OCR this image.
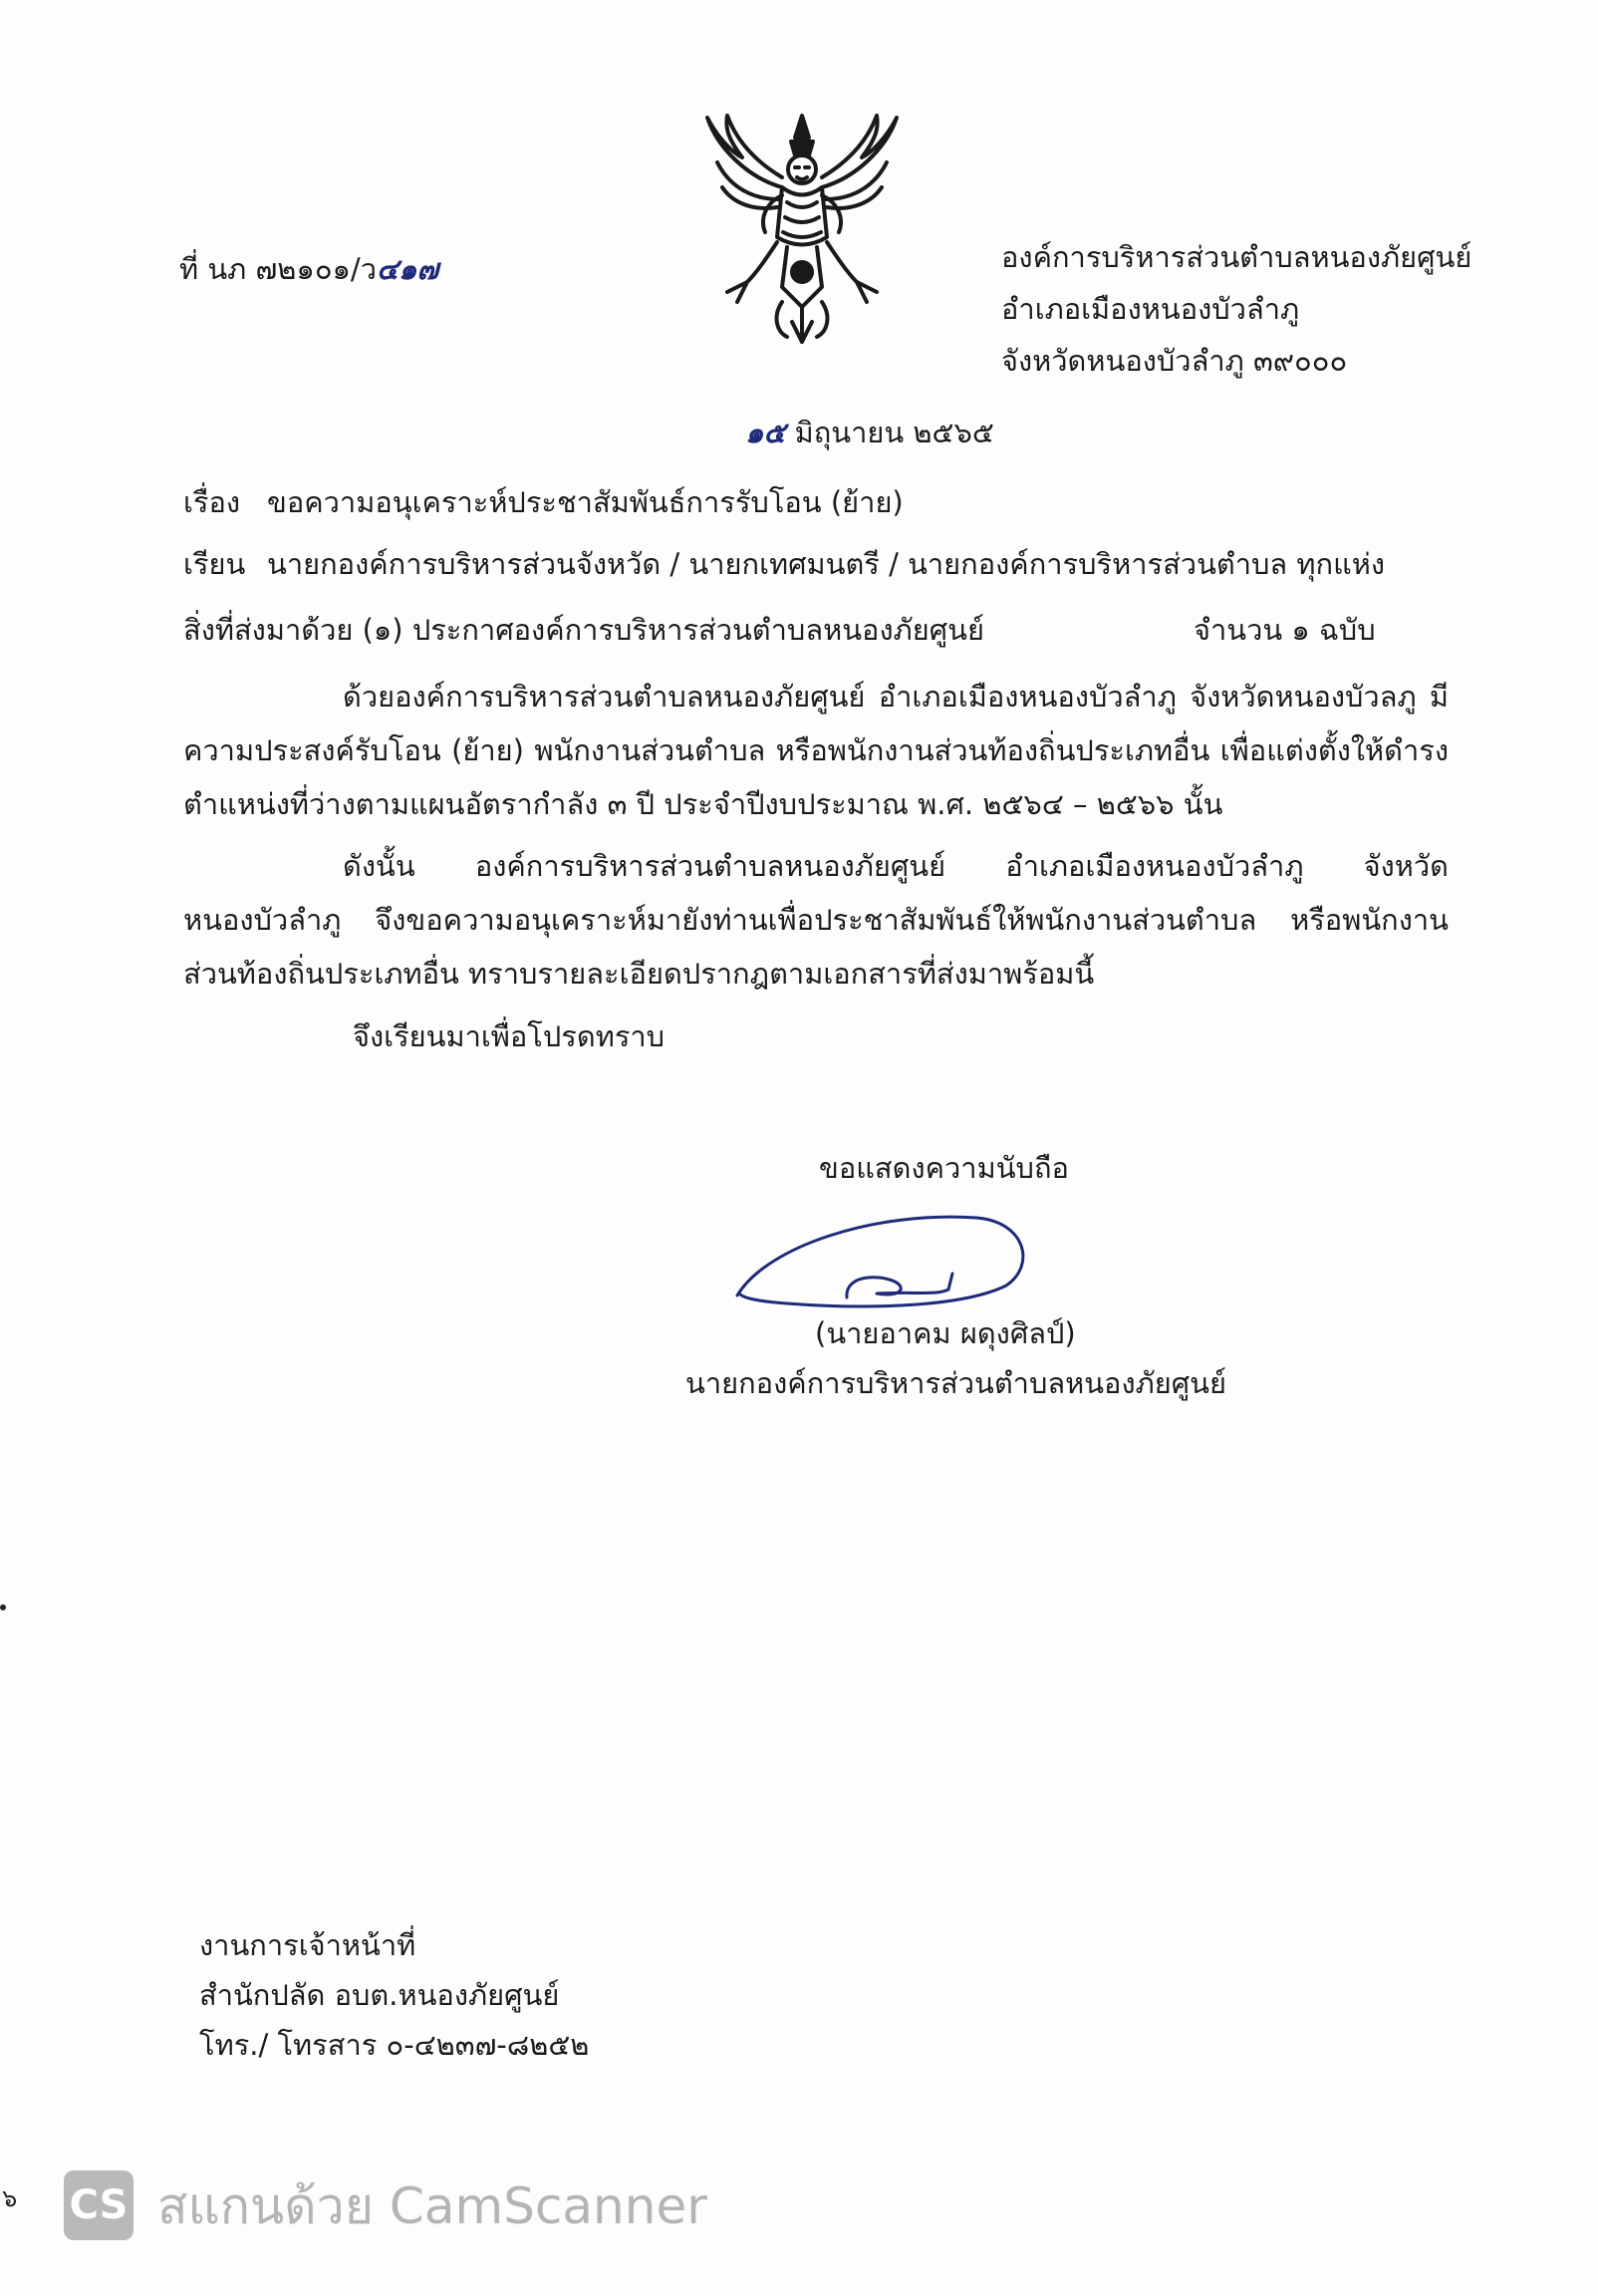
ที่ นภ ๗๒๑๐๑/ว๔๑๗	องค์การบริหารส่วนตำบลหนองภัยศูนย์
อำเภอเมืองหนองบัวลำภู
จังหวัดหนองบัวลำภู ๓๙๐๐๐
๑๕ มิถุนายน ๒๕๖๕
เรื่อง ขอความอนุเคราะห์ประชาสัมพันธ์การรับโอน (ย้าย)
เรียน นายกองค์การบริหารส่วนจังหวัด / นายกเทศมนตรี / นายกองค์การบริหารส่วนตำบล ทุกแห่ง
สิ่งที่ส่งมาด้วย (๑) ประกาศองค์การบริหารส่วนตำบลหนองภัยศูนย์	จำนวน ๑ ฉบับ
ด้วยองค์การบริหารส่วนตำบลหนองภัยศูนย์ อำเภอเมืองหนองบัวลำภู จังหวัดหนองบัวลภู มีความประสงค์รับโอน (ย้าย) พนักงานส่วนตำบล หรือพนักงานส่วนท้องถิ่นประเภทอื่น เพื่อแต่งตั้งให้ดำรงตำแหน่งที่ว่างตามแผนอัตรากำลัง ๓ ปี ประจำปีงบประมาณ พ.ศ. ๒๕๖๔ – ๒๕๖๖ นั้น
ดังนั้น องค์การบริหารส่วนตำบลหนองภัยศูนย์ อำเภอเมืองหนองบัวลำภู จังหวัดหนองบัวลำภู จึงขอความอนุเคราะห์มายังท่านเพื่อประชาสัมพันธ์ให้พนักงานส่วนตำบล หรือพนักงานส่วนท้องถิ่นประเภทอื่น ทราบรายละเอียดปรากฎตามเอกสารที่ส่งมาพร้อมนี้
จึงเรียนมาเพื่อโปรดทราบ
ขอแสดงความนับถือ
(นายอาคม ผดุงศิลป์)
นายกองค์การบริหารส่วนตำบลหนองภัยศูนย์
งานการเจ้าหน้าที่
สำนักปลัด อบต.หนองภัยศูนย์
โทร./ โทรสาร ๐-๔๒๓๗-๘๒๕๒
๖ CS สแกนด้วย CamScanner
